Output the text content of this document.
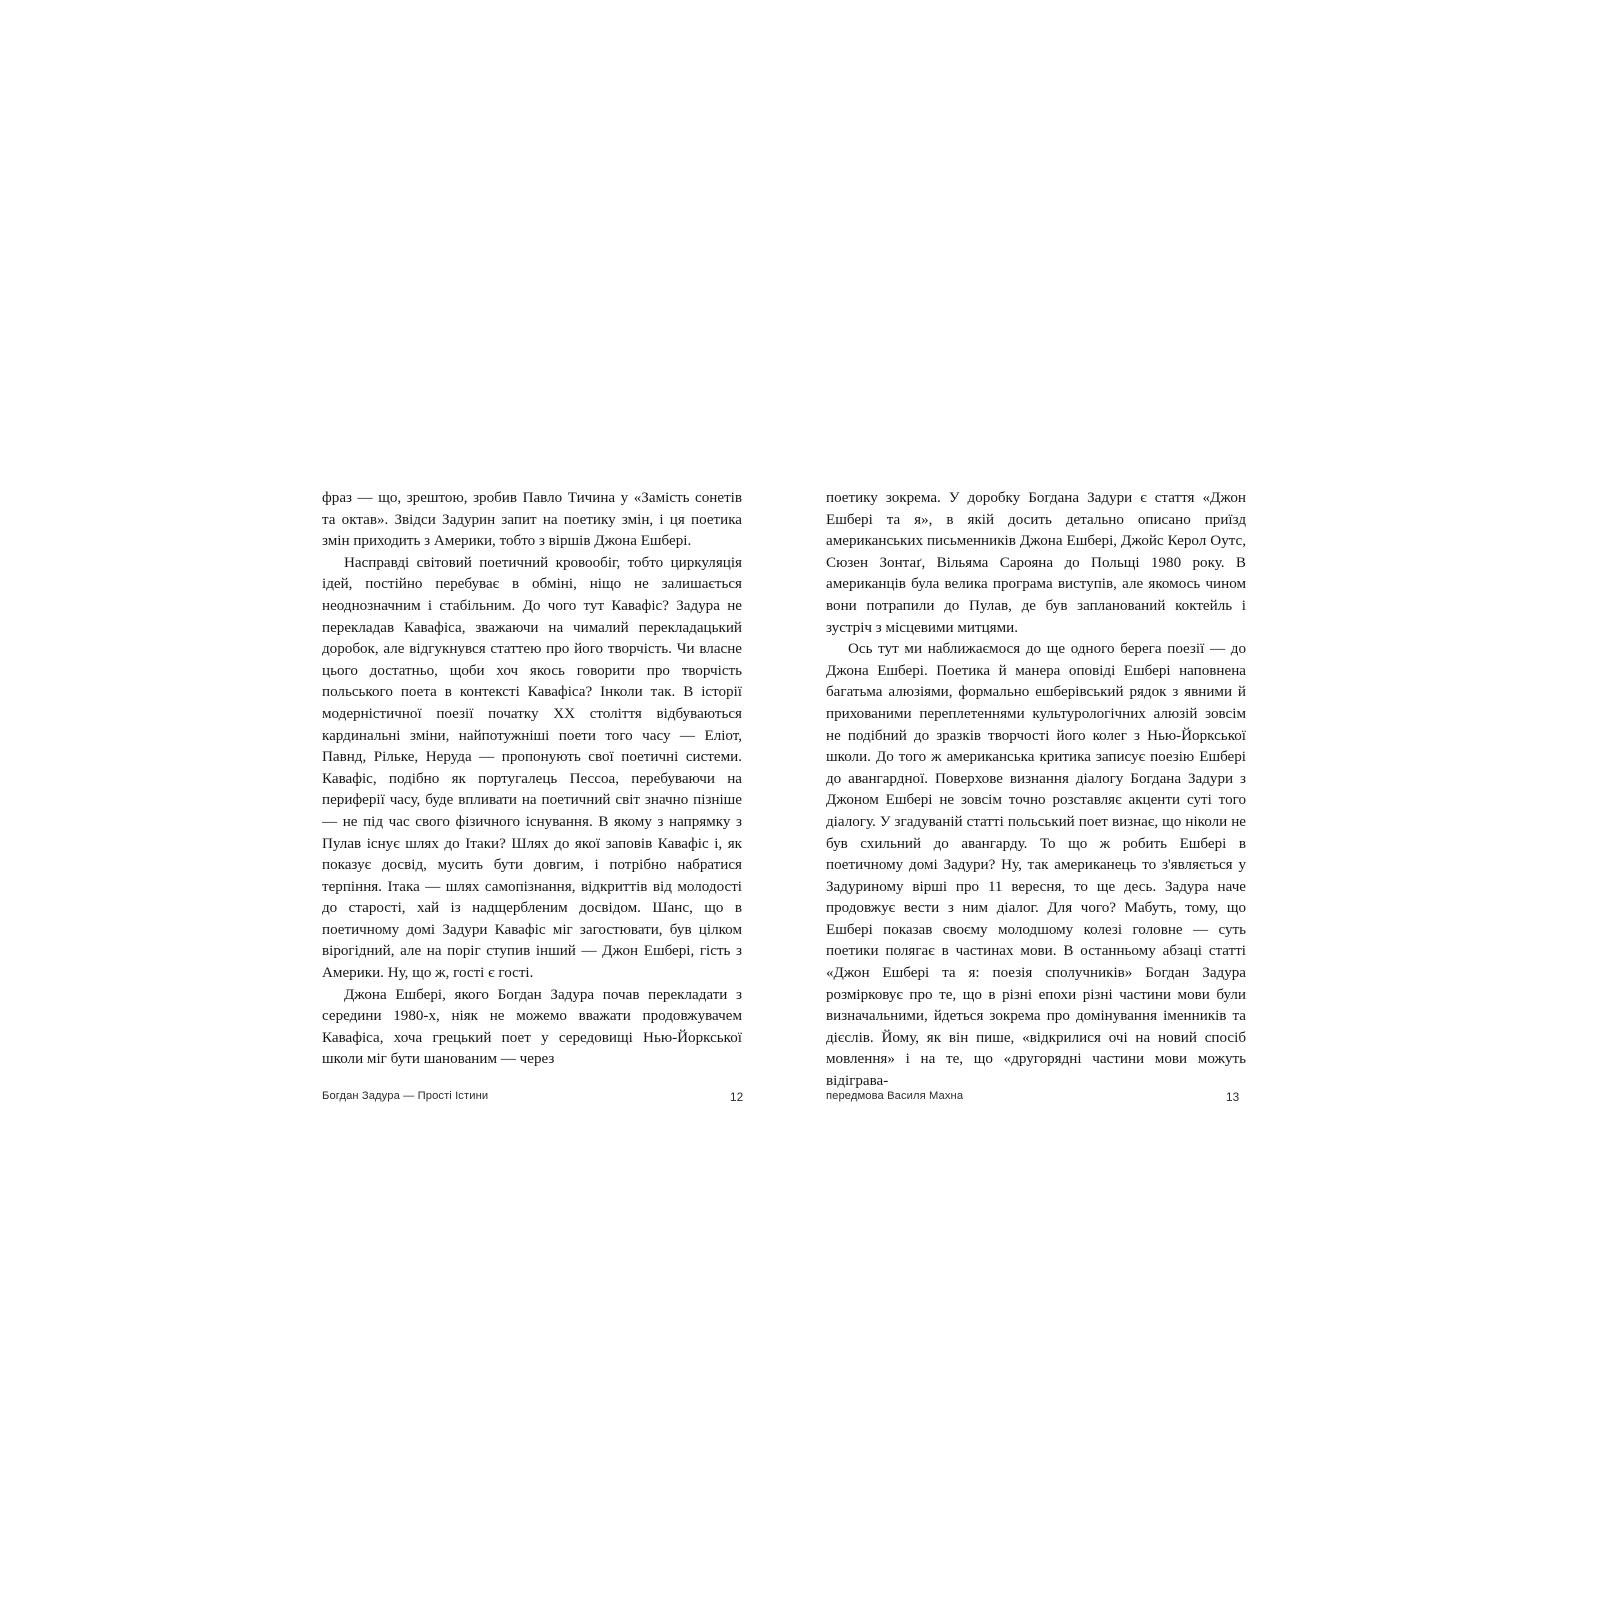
фраз — що, зрештою, зробив Павло Тичина у «Замість сонетів та октав». Звідси Задурин запит на поетику змін, і ця поетика змін приходить з Америки, тобто з віршів Джона Ешбері.

Насправді світовий поетичний кровообіг, тобто циркуляція ідей, постійно перебуває в обміні, ніщо не залишається неоднозначним і стабільним. До чого тут Кавафіс? Задура не перекладав Кавафіса, зважаючи на чималий перекладацький доробок, але відгукнувся статтею про його творчість. Чи власне цього достатньо, щоби хоч якось говорити про творчість польського поета в контексті Кавафіса? Інколи так. В історії модерністичної поезії початку ХХ століття відбуваються кардинальні зміни, найпотужніші поети того часу — Еліот, Павнд, Рільке, Неруда — пропонують свої поетичні системи. Кавафіс, подібно як португалець Пессоа, перебуваючи на периферії часу, буде впливати на поетичний світ значно пізніше — не під час свого фізичного існування. В якому з напрямку з Пулав існує шлях до Ітаки? Шлях до якої заповів Кавафіс і, як показує досвід, мусить бути довгим, і потрібно набратися терпіння. Ітака — шлях самопізнання, відкриттів від молодості до старості, хай із надщербленим досвідом. Шанс, що в поетичному домі Задури Кавафіс міг загостювати, був цілком вірогідний, але на поріг ступив інший — Джон Ешбері, гість з Америки. Ну, що ж, гості є гості.

Джона Ешбері, якого Богдан Задура почав перекладати з середини 1980-х, ніяк не можемо вважати продовжувачем Кавафіса, хоча грецький поет у середовищі Нью-Йоркської школи міг бути шанованим — через

Богдан Задура — Прості Істини	12

поетику зокрема. У доробку Богдана Задури є стаття «Джон Ешбері та я», в якій досить детально описано приїзд американських письменників Джона Ешбері, Джойс Керол Оутс, Сюзен Зонтаґ, Вільяма Сарояна до Польщі 1980 року. В американців була велика програма виступів, але якомось чином вони потрапили до Пулав, де був запланований коктейль і зустріч з місцевими митцями.

Ось тут ми наближаємося до ще одного берега поезії — до Джона Ешбері. Поетика й манера оповіді Ешбері наповнена багатьма алюзіями, формально ешберівський рядок з явними й прихованими переплетеннями культурологічних алюзій зовсім не подібний до зразків творчості його колег з Нью-Йоркської школи. До того ж американська критика записує поезію Ешбері до авангардної. Поверхове визнання діалогу Богдана Задури з Джоном Ешбері не зовсім точно розставляє акценти суті того діалогу. У згадуваній статті польський поет визнає, що ніколи не був схильний до авангарду. То що ж робить Ешбері в поетичному домі Задури? Ну, так американець то з'являється у Задуриному вірші про 11 вересня, то ще десь. Задура наче продовжує вести з ним діалог. Для чого? Мабуть, тому, що Ешбері показав своєму молодшому колезі головне — суть поетики полягає в частинах мови. В останньому абзаці статті «Джон Ешбері та я: поезія сполучників» Богдан Задура розмірковує про те, що в різні епохи різні частини мови були визначальними, йдеться зокрема про домінування іменників та дієслів. Йому, як він пише, «відкрилися очі на новий спосіб мовлення» і на те, що «другорядні частини мови можуть відіграва-

передмова Василя Махна	13
